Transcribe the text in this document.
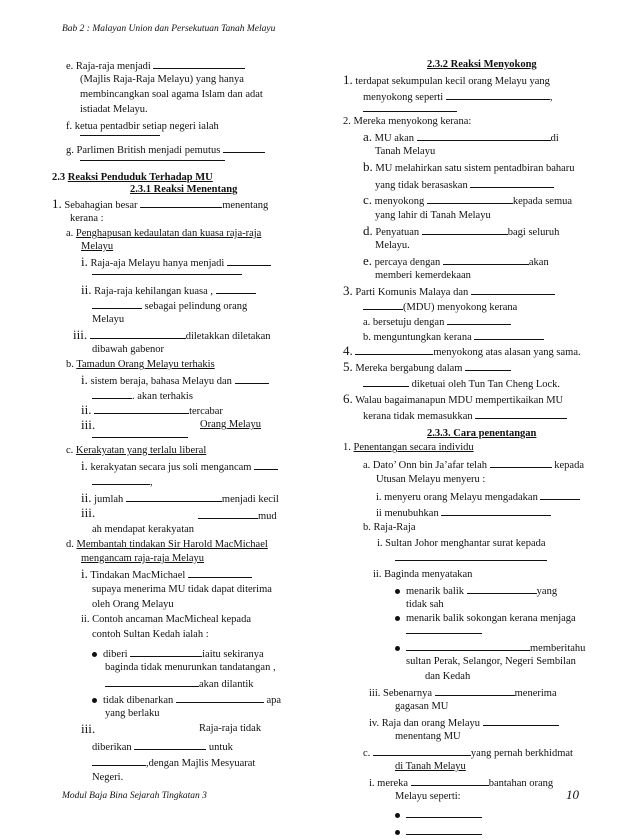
Bab 2 : Malayan Union dan Persekutuan Tanah Melayu
e. Raja-raja menjadi
(Majlis Raja-Raja Melayu) yang hanya
membincangkan soal agama Islam dan adat
istiadat Melayu.
f. ketua pentadbir setiap negeri ialah
g. Parlimen British menjadi pemutus
2.3 Reaksi Penduduk Terhadap MU
2.3.1 Reaksi Menentang
1. Sebahagian besar	menentang
kerana :
a. Penghapusan kedaulatan dan kuasa raja-raja
Melayu
i. Raja-aja Melayu hanya menjadi
ii. Raja-raja kehilangan kuasa ,
sebagai pelindung orang
Melayu
iii.	diletakkan diletakan
dibawah gabenor
b. Tamadun Orang Melayu terhakis
i. sistem beraja, bahasa Melayu dan
. akan terhakis
ii.	tercabar
iii.	Orang Melayu
c. Kerakyatan yang terlalu liberal
i. kerakyatan secara jus soli mengancam
,
ii. jumlah	menjadi kecil
iii.	mud
ah mendapat kerakyatan
d. Membantah tindakan Sir Harold MacMichael
mengancam raja-raja Melayu
i. Tindakan MacMichael
supaya menerima MU tidak dapat diterima
oleh Orang Melayu
ii. Contoh ancaman MacMicheal kepada
contoh Sultan Kedah ialah :
diberi	iaitu sekiranya
baginda tidak menurunkan tandatangan ,
akan dilantik
tidak dibenarkan	apa
yang berlaku
iii.	Raja-raja tidak
diberikan	untuk
,dengan Majlis Mesyuarat
Negeri.
2.3.2 Reaksi Menyokong
1. terdapat sekumpulan kecil orang Melayu yang
menyokong seperti	,
2. Mereka menyokong kerana:
a. MU akan	di
Tanah Melayu
b. MU melahirkan satu sistem pentadbiran baharu
yang tidak berasaskan
c. menyokong	kepada semua
yang lahir di Tanah Melayu
d. Penyatuan	bagi seluruh
Melayu.
e. percaya dengan	akan
memberi kemerdekaan
3. Parti Komunis Malaya dan
(MDU) menyokong kerana
a. bersetuju dengan
b. menguntungkan kerana
4.	menyokong atas alasan yang sama.
5. Mereka bergabung dalam
diketuai oleh Tun Tan Cheng Lock.
6. Walau bagaimanapun MDU mempertikaikan MU
kerana tidak memasukkan
2.3.3. Cara penentangan
1. Penentangan secara individu
a. Dato’ Onn bin Ja’afar telah	kepada
Utusan Melayu menyeru :
i. menyeru orang Melayu mengadakan
ii menubuhkan
b. Raja-Raja
i. Sultan Johor menghantar surat kepada
ii. Baginda menyatakan
menarik balik	yang
tidak sah
menarik balik sokongan kerana menjaga
memberitahu
sultan Perak, Selangor, Negeri Sembilan
dan Kedah
iii. Sebenarnya	menerima
gagasan MU
iv. Raja dan orang Melayu
menentang MU
c.	yang pernah berkhidmat
di Tanah Melayu
i. mereka	bantahan orang
Melayu seperti:
Modul Baja Bina Sejarah Tingkatan 3	10
